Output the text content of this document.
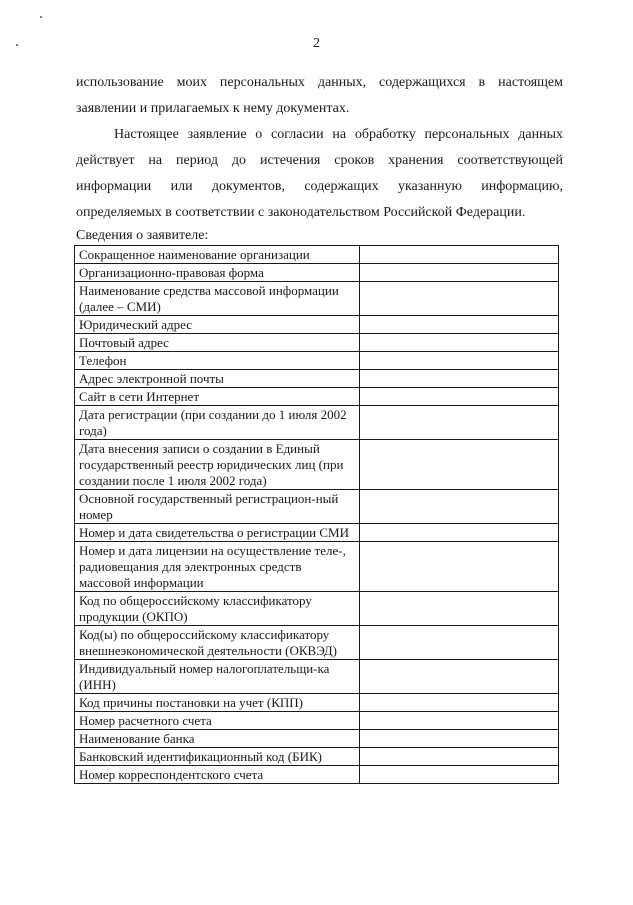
2
использование моих персональных данных, содержащихся в настоящем заявлении и прилагаемых к нему документах.
Настоящее заявление о согласии на обработку персональных данных действует на период до истечения сроков хранения соответствующей информации или документов, содержащих указанную информацию, определяемых в соответствии с законодательством Российской Федерации.
Сведения о заявителе:
Сокращенное наименование организации	
Организационно-правовая форма	
Наименование средства массовой информации (далее – СМИ)	
Юридический адрес	
Почтовый адрес	
Телефон	
Адрес электронной почты	
Сайт в сети Интернет	
Дата регистрации (при создании до 1 июля 2002 года)	
Дата внесения записи о создании в Единый государственный реестр юридических лиц (при создании после 1 июля 2002 года)	
Основной государственный регистрацион-ный номер	
Номер и дата свидетельства о регистрации СМИ	
Номер и дата лицензии на осуществление теле-, радиовещания для электронных средств массовой информации	
Код по общероссийскому классификатору продукции (ОКПО)	
Код(ы) по общероссийскому классификатору внешнеэкономической деятельности (ОКВЭД)	
Индивидуальный номер налогоплательщи-ка (ИНН)	
Код причины постановки на учет (КПП)	
Номер расчетного счета	
Наименование банка	
Банковский идентификационный код (БИК)	
Номер корреспондентского счета	
